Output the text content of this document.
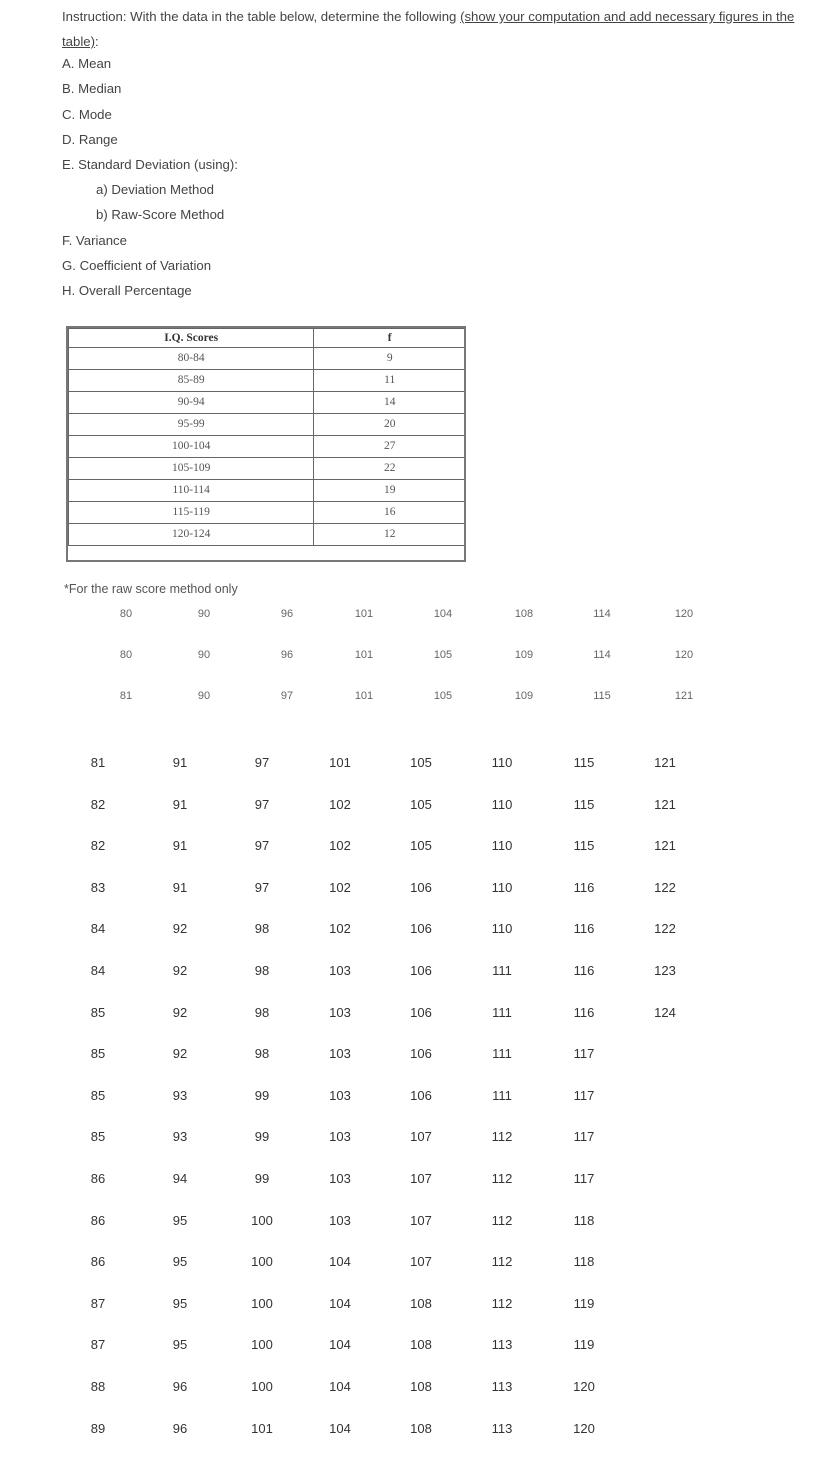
Instruction: With the data in the table below, determine the following (show your computation and add necessary figures in the table):
A. Mean
B. Median
C. Mode
D. Range
E. Standard Deviation (using):
a) Deviation Method
b) Raw-Score Method
F. Variance
G. Coefficient of Variation
H. Overall Percentage
I.Q. Scores	f
80-84	9
85-89	11
90-94	14
95-99	20
100-104	27
105-109	22
110-114	19
115-119	16
120-124	12
*For the raw score method only
80	90	96	101	104	108	114	120
80	90	96	101	105	109	114	120
81	90	97	101	105	109	115	121
81	91	97	101	105	110	115	121
82	91	97	102	105	110	115	121
82	91	97	102	105	110	115	121
83	91	97	102	106	110	116	122
84	92	98	102	106	110	116	122
84	92	98	103	106	111	116	123
85	92	98	103	106	111	116	124
85	92	98	103	106	111	117
85	93	99	103	106	111	117
85	93	99	103	107	112	117
86	94	99	103	107	112	117
86	95	100	103	107	112	118
86	95	100	104	107	112	118
87	95	100	104	108	112	119
87	95	100	104	108	113	119
88	96	100	104	108	113	120
89	96	101	104	108	113	120
